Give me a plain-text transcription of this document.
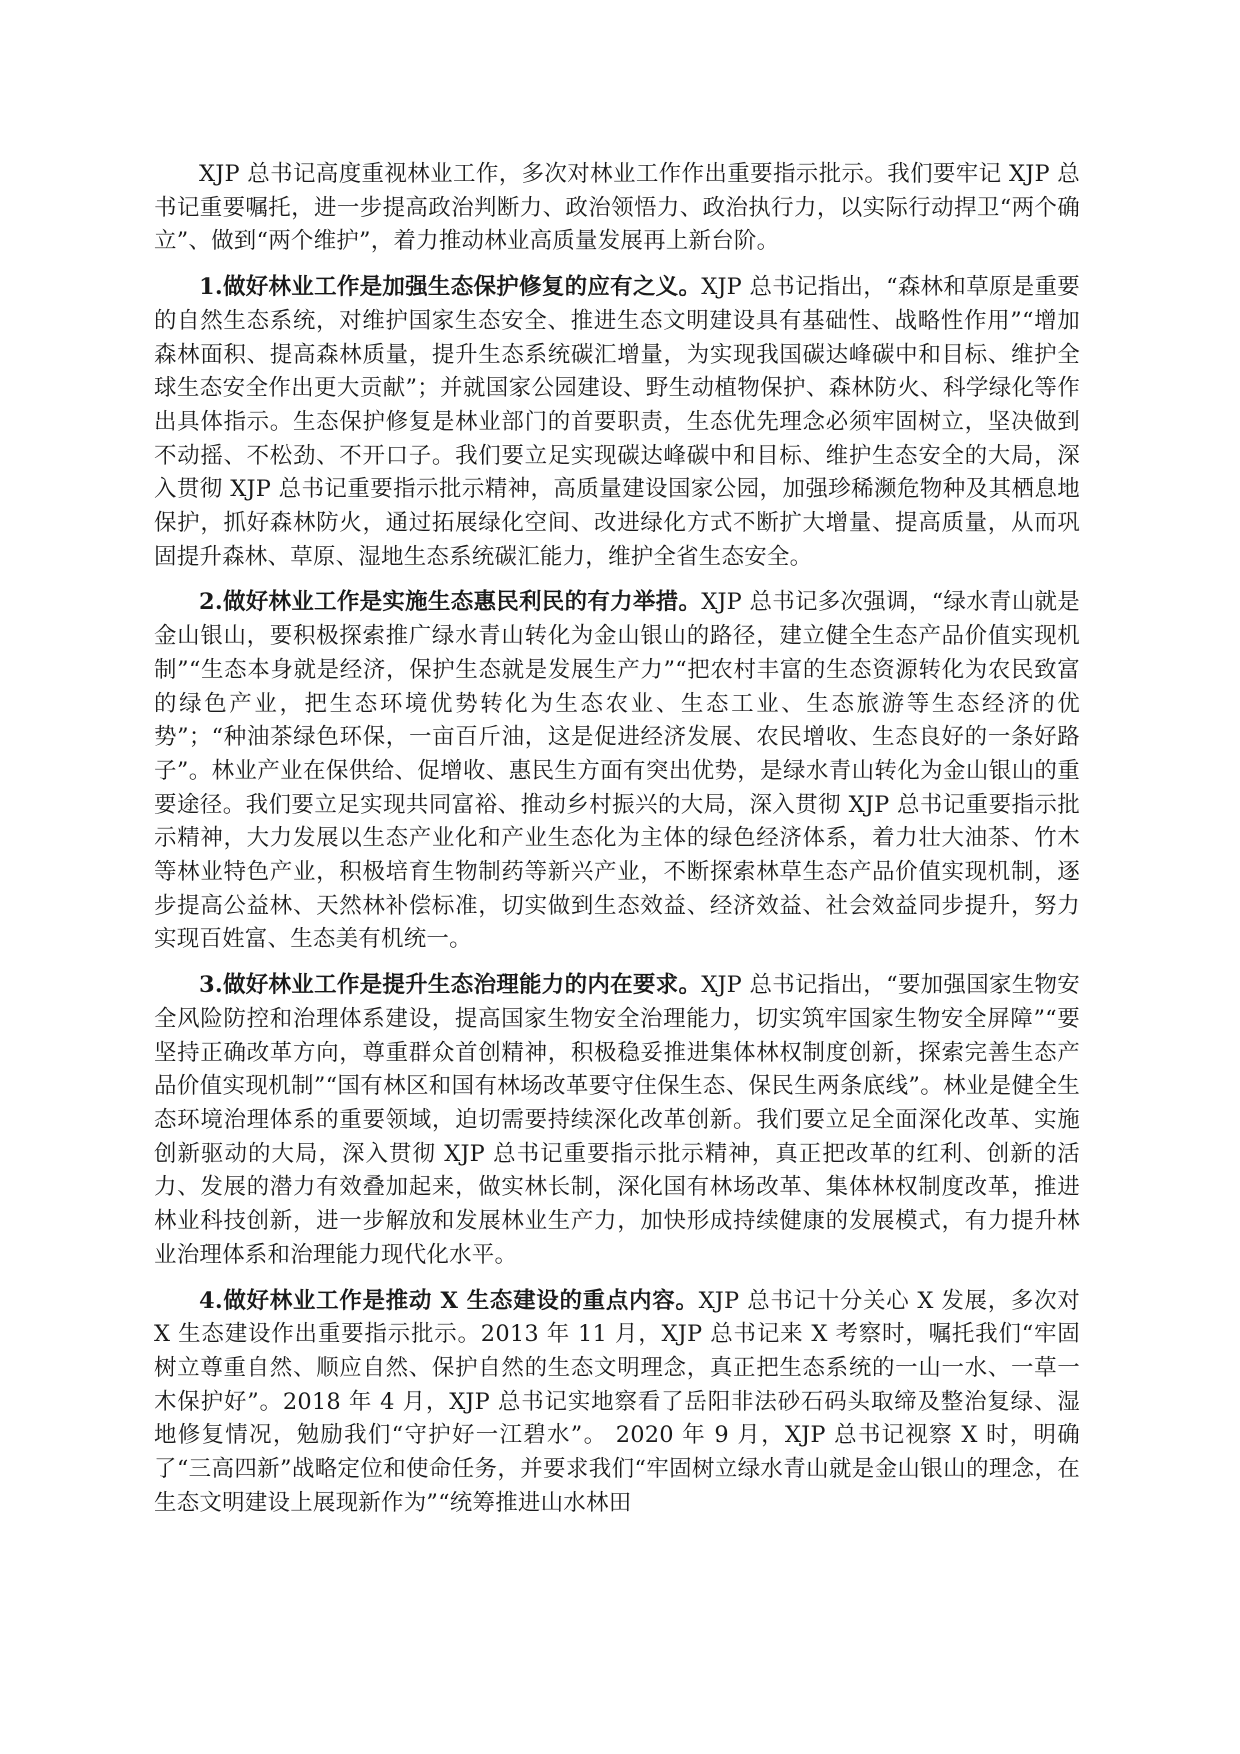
XJP 总书记高度重视林业工作，多次对林业工作作出重要指示批示。我们要牢记 XJP 总书记重要嘱托，进一步提高政治判断力、政治领悟力、政治执行力，以实际行动捍卫“两个确立”、做到“两个维护”，着力推动林业高质量发展再上新台阶。

1.做好林业工作是加强生态保护修复的应有之义。XJP 总书记指出，“森林和草原是重要的自然生态系统，对维护国家生态安全、推进生态文明建设具有基础性、战略性作用”“增加森林面积、提高森林质量，提升生态系统碳汇增量，为实现我国碳达峰碳中和目标、维护全球生态安全作出更大贡献”；并就国家公园建设、野生动植物保护、森林防火、科学绿化等作出具体指示。生态保护修复是林业部门的首要职责，生态优先理念必须牢固树立，坚决做到不动摇、不松劲、不开口子。我们要立足实现碳达峰碳中和目标、维护生态安全的大局，深入贯彻 XJP 总书记重要指示批示精神，高质量建设国家公园，加强珍稀濒危物种及其栖息地保护，抓好森林防火，通过拓展绿化空间、改进绿化方式不断扩大增量、提高质量，从而巩固提升森林、草原、湿地生态系统碳汇能力，维护全省生态安全。

2.做好林业工作是实施生态惠民利民的有力举措。XJP 总书记多次强调，“绿水青山就是金山银山，要积极探索推广绿水青山转化为金山银山的路径，建立健全生态产品价值实现机制”“生态本身就是经济，保护生态就是发展生产力”“把农村丰富的生态资源转化为农民致富的绿色产业，把生态环境优势转化为生态农业、生态工业、生态旅游等生态经济的优势”；“种油茶绿色环保，一亩百斤油，这是促进经济发展、农民增收、生态良好的一条好路子”。林业产业在保供给、促增收、惠民生方面有突出优势，是绿水青山转化为金山银山的重要途径。我们要立足实现共同富裕、推动乡村振兴的大局，深入贯彻 XJP 总书记重要指示批示精神，大力发展以生态产业化和产业生态化为主体的绿色经济体系，着力壮大油茶、竹木等林业特色产业，积极培育生物制药等新兴产业，不断探索林草生态产品价值实现机制，逐步提高公益林、天然林补偿标准，切实做到生态效益、经济效益、社会效益同步提升，努力实现百姓富、生态美有机统一。

3.做好林业工作是提升生态治理能力的内在要求。XJP 总书记指出，“要加强国家生物安全风险防控和治理体系建设，提高国家生物安全治理能力，切实筑牢国家生物安全屏障”“要坚持正确改革方向，尊重群众首创精神，积极稳妥推进集体林权制度创新，探索完善生态产品价值实现机制”“国有林区和国有林场改革要守住保生态、保民生两条底线”。林业是健全生态环境治理体系的重要领域，迫切需要持续深化改革创新。我们要立足全面深化改革、实施创新驱动的大局，深入贯彻 XJP 总书记重要指示批示精神，真正把改革的红利、创新的活力、发展的潜力有效叠加起来，做实林长制，深化国有林场改革、集体林权制度改革，推进林业科技创新，进一步解放和发展林业生产力，加快形成持续健康的发展模式，有力提升林业治理体系和治理能力现代化水平。

4.做好林业工作是推动 X 生态建设的重点内容。XJP 总书记十分关心 X 发展，多次对 X 生态建设作出重要指示批示。2013 年 11 月，XJP 总书记来 X 考察时，嘱托我们“牢固树立尊重自然、顺应自然、保护自然的生态文明理念，真正把生态系统的一山一水、一草一木保护好”。2018 年 4 月，XJP 总书记实地察看了岳阳非法砂石码头取缔及整治复绿、湿地修复情况，勉励我们“守护好一江碧水”。 2020 年 9 月，XJP 总书记视察 X 时，明确了“三高四新”战略定位和使命任务，并要求我们“牢固树立绿水青山就是金山银山的理念，在生态文明建设上展现新作为”“统筹推进山水林田
